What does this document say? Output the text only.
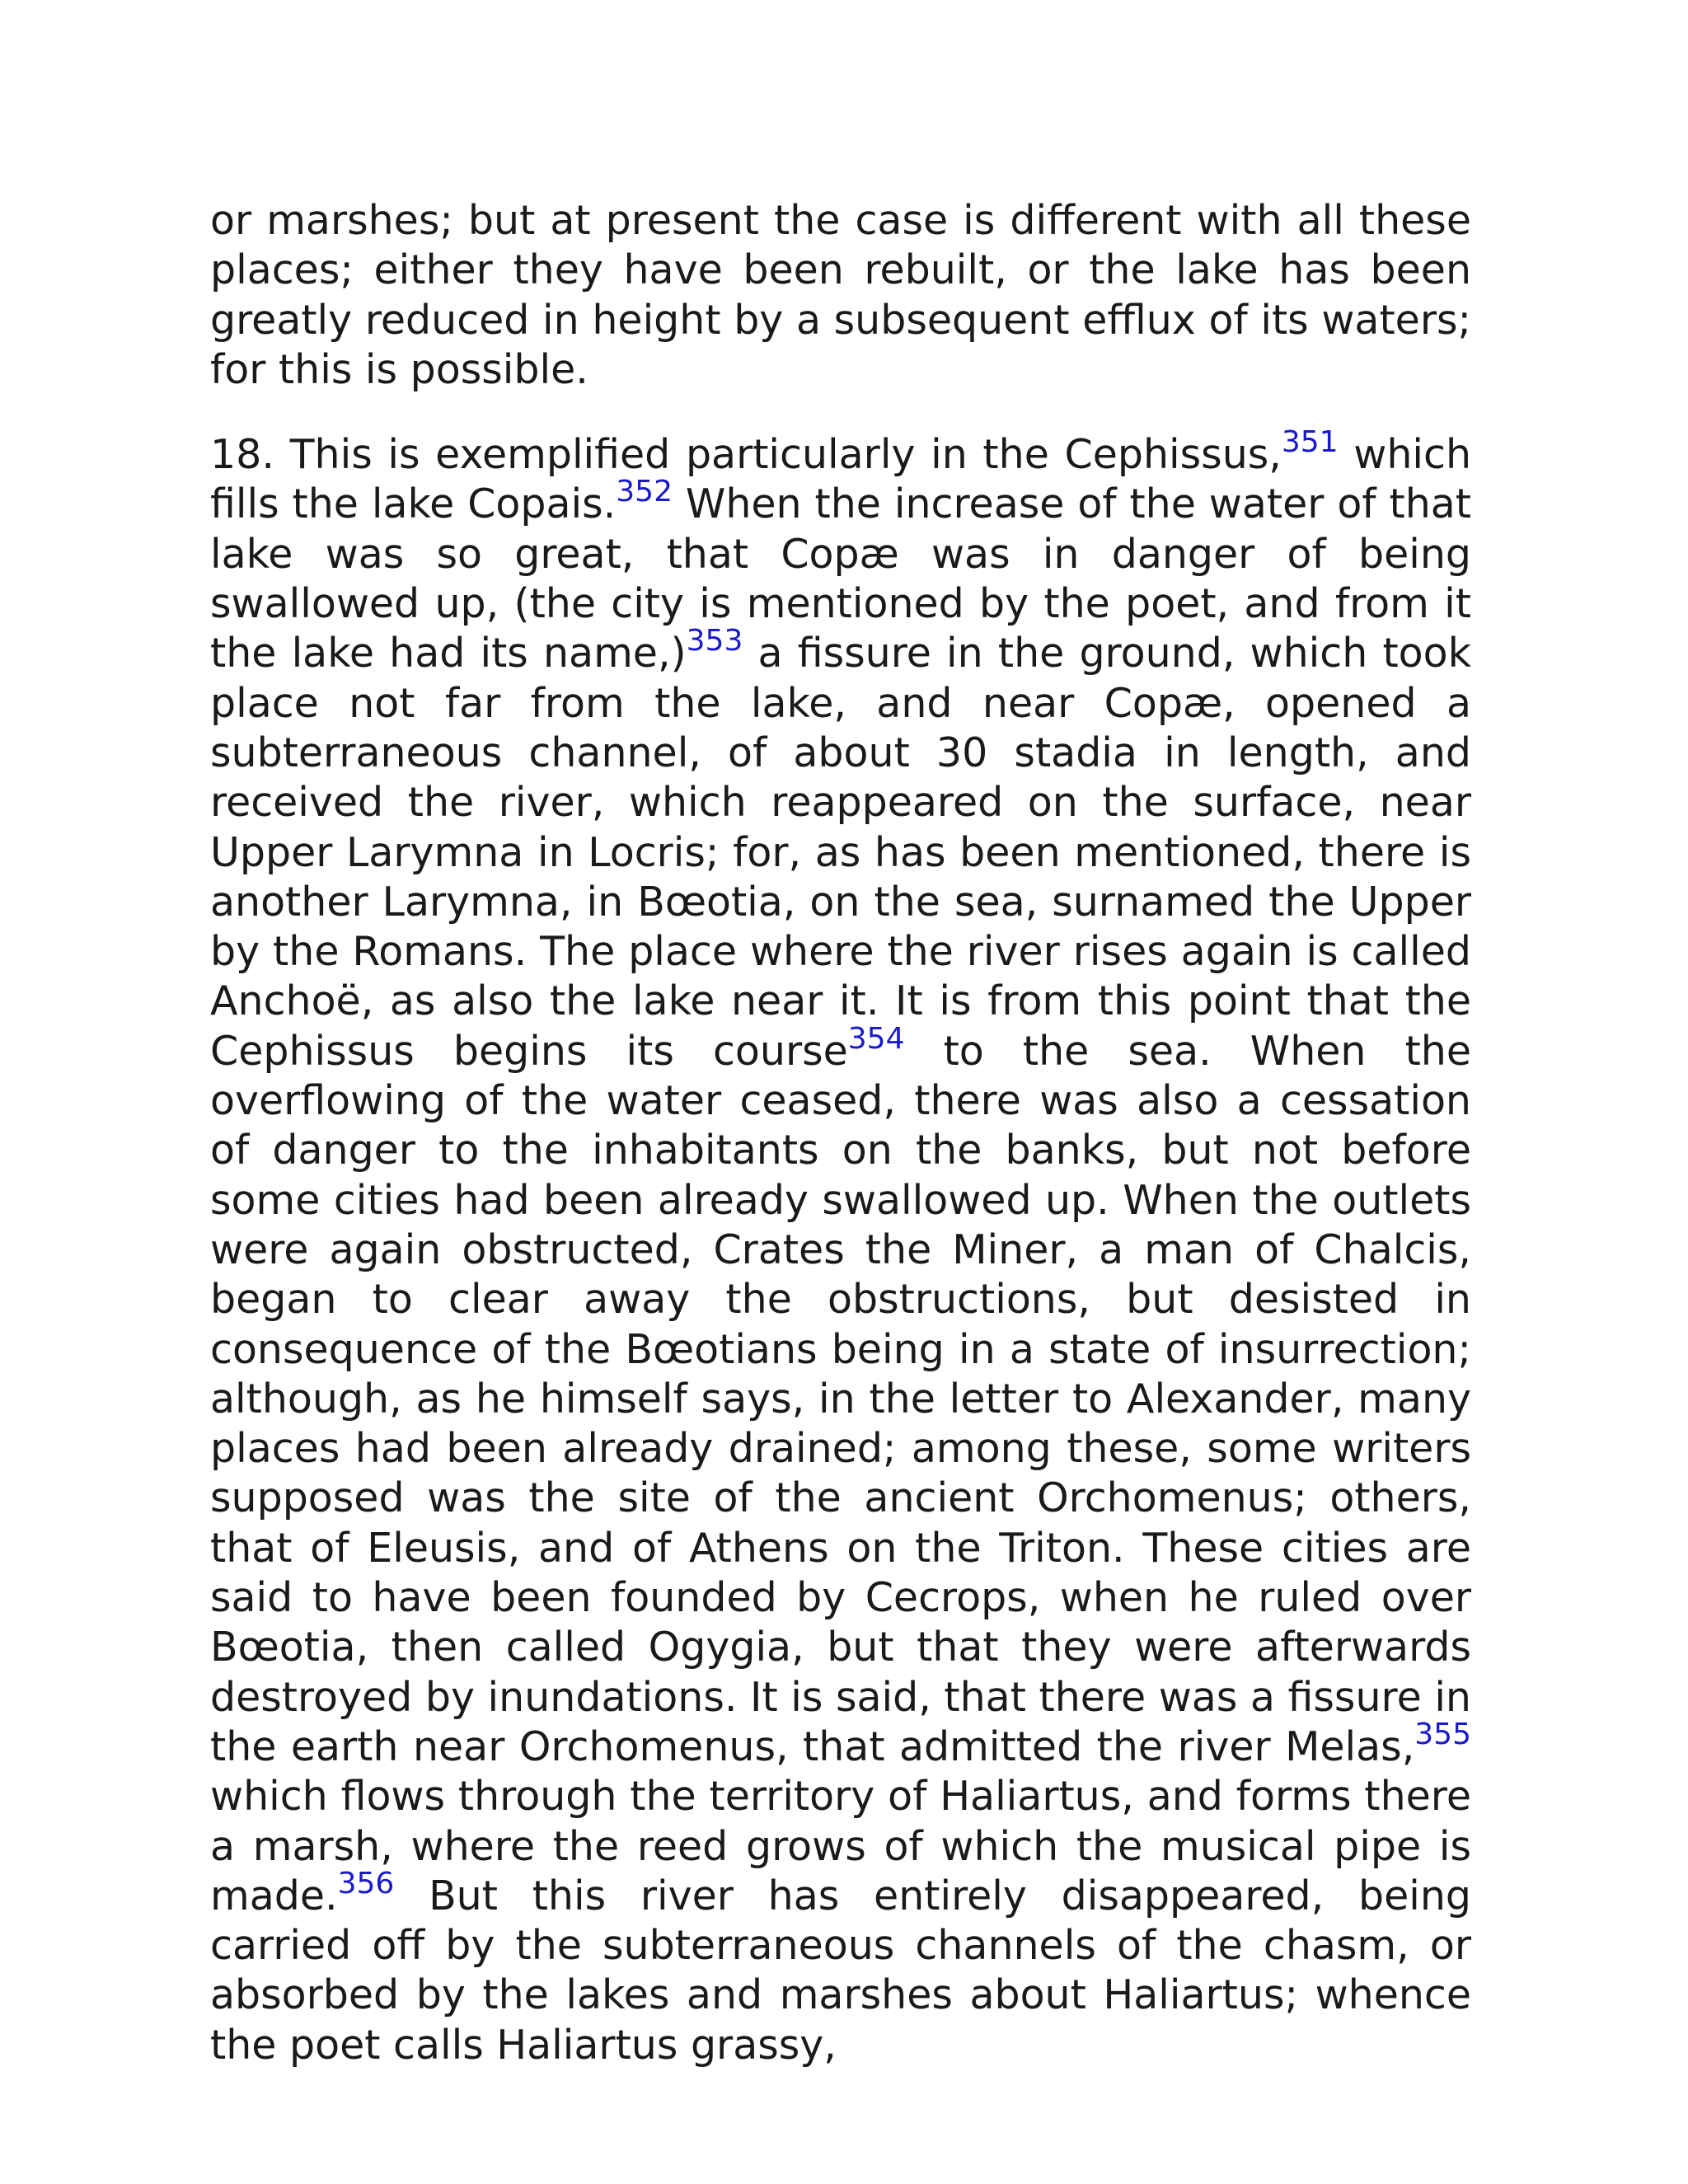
or marshes; but at present the case is different with all these places; either they have been rebuilt, or the lake has been greatly reduced in height by a subsequent efflux of its waters; for this is possible.

18. This is exemplified particularly in the Cephissus,$^{351}$ which fills the lake Copais.$^{352}$ When the increase of the water of that lake was so great, that Copæ was in danger of being swallowed up, (the city is mentioned by the poet, and from it the lake had its name,)$^{353}$ a fissure in the ground, which took place not far from the lake, and near Copæ, opened a subterraneous channel, of about 30 stadia in length, and received the river, which reappeared on the surface, near Upper Larymna in Locris; for, as has been mentioned, there is another Larymna, in Bœotia, on the sea, surnamed the Upper by the Romans. The place where the river rises again is called Anchoë, as also the lake near it. It is from this point that the Cephissus begins its course$^{354}$ to the sea. When the overflowing of the water ceased, there was also a cessation of danger to the inhabitants on the banks, but not before some cities had been already swallowed up. When the outlets were again obstructed, Crates the Miner, a man of Chalcis, began to clear away the obstructions, but desisted in consequence of the Bœotians being in a state of insurrection; although, as he himself says, in the letter to Alexander, many places had been already drained; among these, some writers supposed was the site of the ancient Orchomenus; others, that of Eleusis, and of Athens on the Triton. These cities are said to have been founded by Cecrops, when he ruled over Bœotia, then called Ogygia, but that they were afterwards destroyed by inundations. It is said, that there was a fissure in the earth near Orchomenus, that admitted the river Melas,$^{355}$ which flows through the territory of Haliartus, and forms there a marsh, where the reed grows of which the musical pipe is made.$^{356}$ But this river has entirely disappeared, being carried off by the subterraneous channels of the chasm, or absorbed by the lakes and marshes about Haliartus; whence the poet calls Haliartus grassy,
